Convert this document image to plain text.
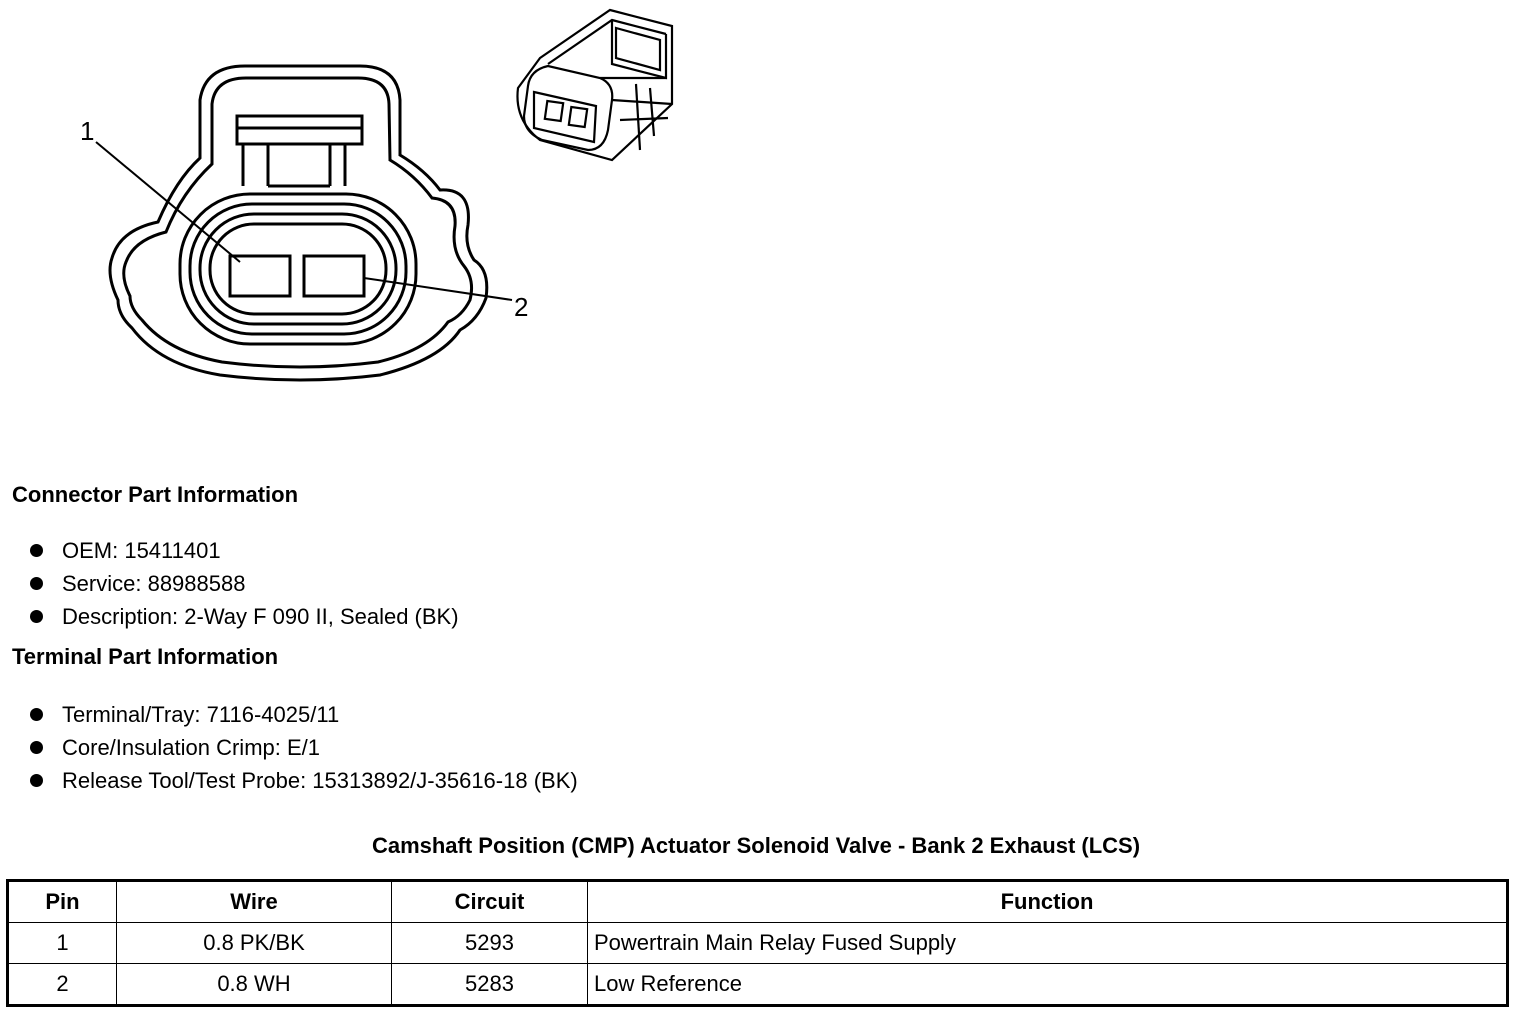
1
2
Connector Part Information
OEM: 15411401
Service: 88988588
Description: 2-Way F 090 II, Sealed (BK)
Terminal Part Information
Terminal/Tray: 7116-4025/11
Core/Insulation Crimp: E/1
Release Tool/Test Probe: 15313892/J-35616-18 (BK)
Camshaft Position (CMP) Actuator Solenoid Valve - Bank 2 Exhaust (LCS)
Pin	Wire	Circuit	Function
1	0.8 PK/BK	5293	Powertrain Main Relay Fused Supply
2	0.8 WH	5283	Low Reference
